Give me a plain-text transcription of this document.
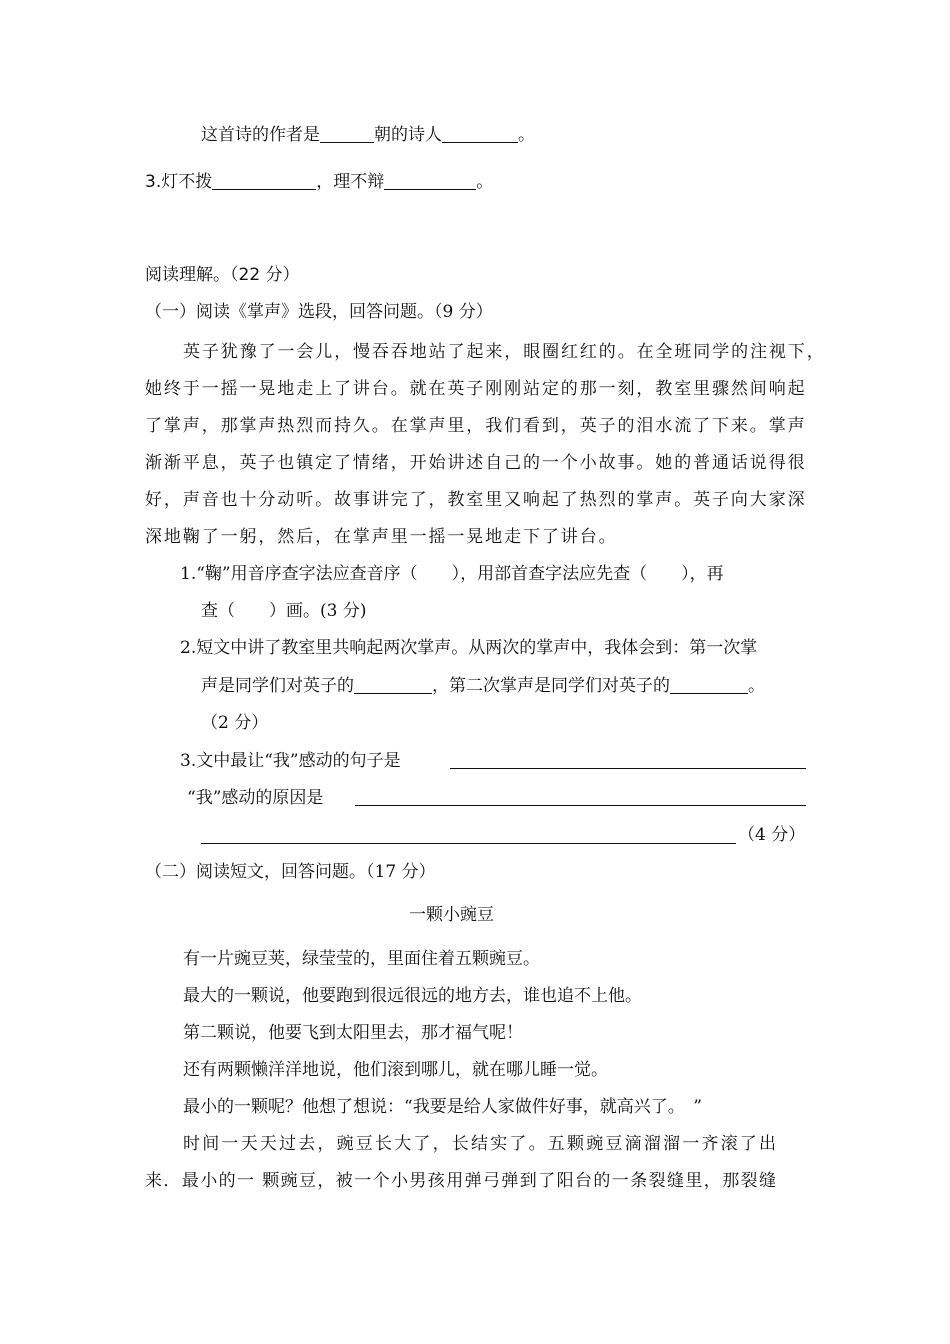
这首诗的作者是	朝的诗人	。
3.灯不拨	，理不辩	。
阅读理解。（22 分）
（一）阅读《掌声》选段，回答问题。（9 分）
英子犹豫了一会儿，慢吞吞地站了起来，眼圈红红的。在全班同学的注视下，
她终于一摇一晃地走上了讲台。就在英子刚刚站定的那一刻，教室里骤然间响起
了掌声，那掌声热烈而持久。在掌声里，我们看到，英子的泪水流了下来。掌声
渐渐平息，英子也镇定了情绪，开始讲述自己的一个小故事。她的普通话说得很
好，声音也十分动听。故事讲完了，教室里又响起了热烈的掌声。英子向大家深
深地鞠了一躬，然后，在掌声里一摇一晃地走下了讲台。
1.“鞠”用音序查字法应查音序（　　），用部首查字法应先查（　　），再
查（　　）画。(3 分)
2.短文中讲了教室里共响起两次掌声。从两次的掌声中，我体会到：第一次掌
声是同学们对英子的	，第二次掌声是同学们对英子的	。
（2 分）
3.文中最让“我”感动的句子是
“我”感动的原因是
（4 分）
（二）阅读短文，回答问题。（17 分）
一颗小豌豆
有一片豌豆荚，绿莹莹的，里面住着五颗豌豆。
最大的一颗说，他要跑到很远很远的地方去，谁也追不上他。
第二颗说，他要飞到太阳里去，那才福气呢！
还有两颗懒洋洋地说，他们滚到哪儿，就在哪儿睡一觉。
最小的一颗呢？他想了想说：“我要是给人家做件好事，就高兴了。　”
时间一天天过去，豌豆长大了，长结实了。五颗豌豆滴溜溜一齐滚了出
来．最小的一 颗豌豆，被一个小男孩用弹弓弹到了阳台的一条裂缝里，那裂缝
